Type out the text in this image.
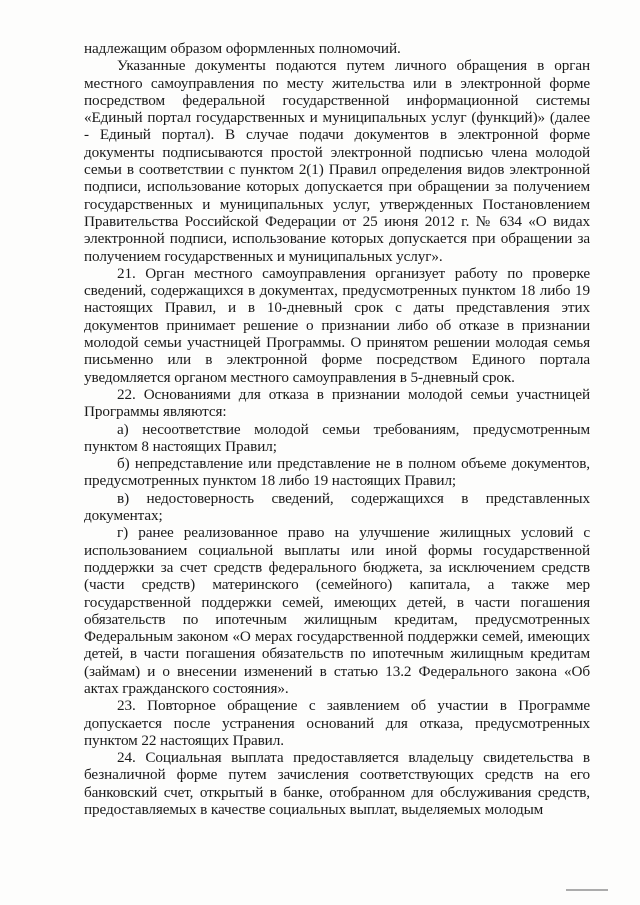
надлежащим образом оформленных полномочий.

Указанные документы подаются путем личного обращения в орган местного самоуправления по месту жительства или в электронной форме посредством федеральной государственной информационной системы «Единый портал государственных и муниципальных услуг (функций)» (далее - Единый портал). В случае подачи документов в электронной форме документы подписываются простой электронной подписью члена молодой семьи в соответствии с пунктом 2(1) Правил определения видов электронной подписи, использование которых допускается при обращении за получением государственных и муниципальных услуг, утвержденных Постановлением Правительства Российской Федерации от 25 июня 2012 г. № 634 «О видах электронной подписи, использование которых допускается при обращении за получением государственных и муниципальных услуг».

21. Орган местного самоуправления организует работу по проверке сведений, содержащихся в документах, предусмотренных пунктом 18 либо 19 настоящих Правил, и в 10-дневный срок с даты представления этих документов принимает решение о признании либо об отказе в признании молодой семьи участницей Программы. О принятом решении молодая семья письменно или в электронной форме посредством Единого портала уведомляется органом местного самоуправления в 5-дневный срок.

22. Основаниями для отказа в признании молодой семьи участницей Программы являются:

а) несоответствие молодой семьи требованиям, предусмотренным пунктом 8 настоящих Правил;

б) непредставление или представление не в полном объеме документов, предусмотренных пунктом 18 либо 19 настоящих Правил;

в) недостоверность сведений, содержащихся в представленных документах;

г) ранее реализованное право на улучшение жилищных условий с использованием социальной выплаты или иной формы государственной поддержки за счет средств федерального бюджета, за исключением средств (части средств) материнского (семейного) капитала, а также мер государственной поддержки семей, имеющих детей, в части погашения обязательств по ипотечным жилищным кредитам, предусмотренных Федеральным законом «О мерах государственной поддержки семей, имеющих детей, в части погашения обязательств по ипотечным жилищным кредитам (займам) и о внесении изменений в статью 13.2 Федерального закона «Об актах гражданского состояния».

23. Повторное обращение с заявлением об участии в Программе допускается после устранения оснований для отказа, предусмотренных пунктом 22 настоящих Правил.

24. Социальная выплата предоставляется владельцу свидетельства в безналичной форме путем зачисления соответствующих средств на его банковский счет, открытый в банке, отобранном для обслуживания средств, предоставляемых в качестве социальных выплат, выделяемых молодым
